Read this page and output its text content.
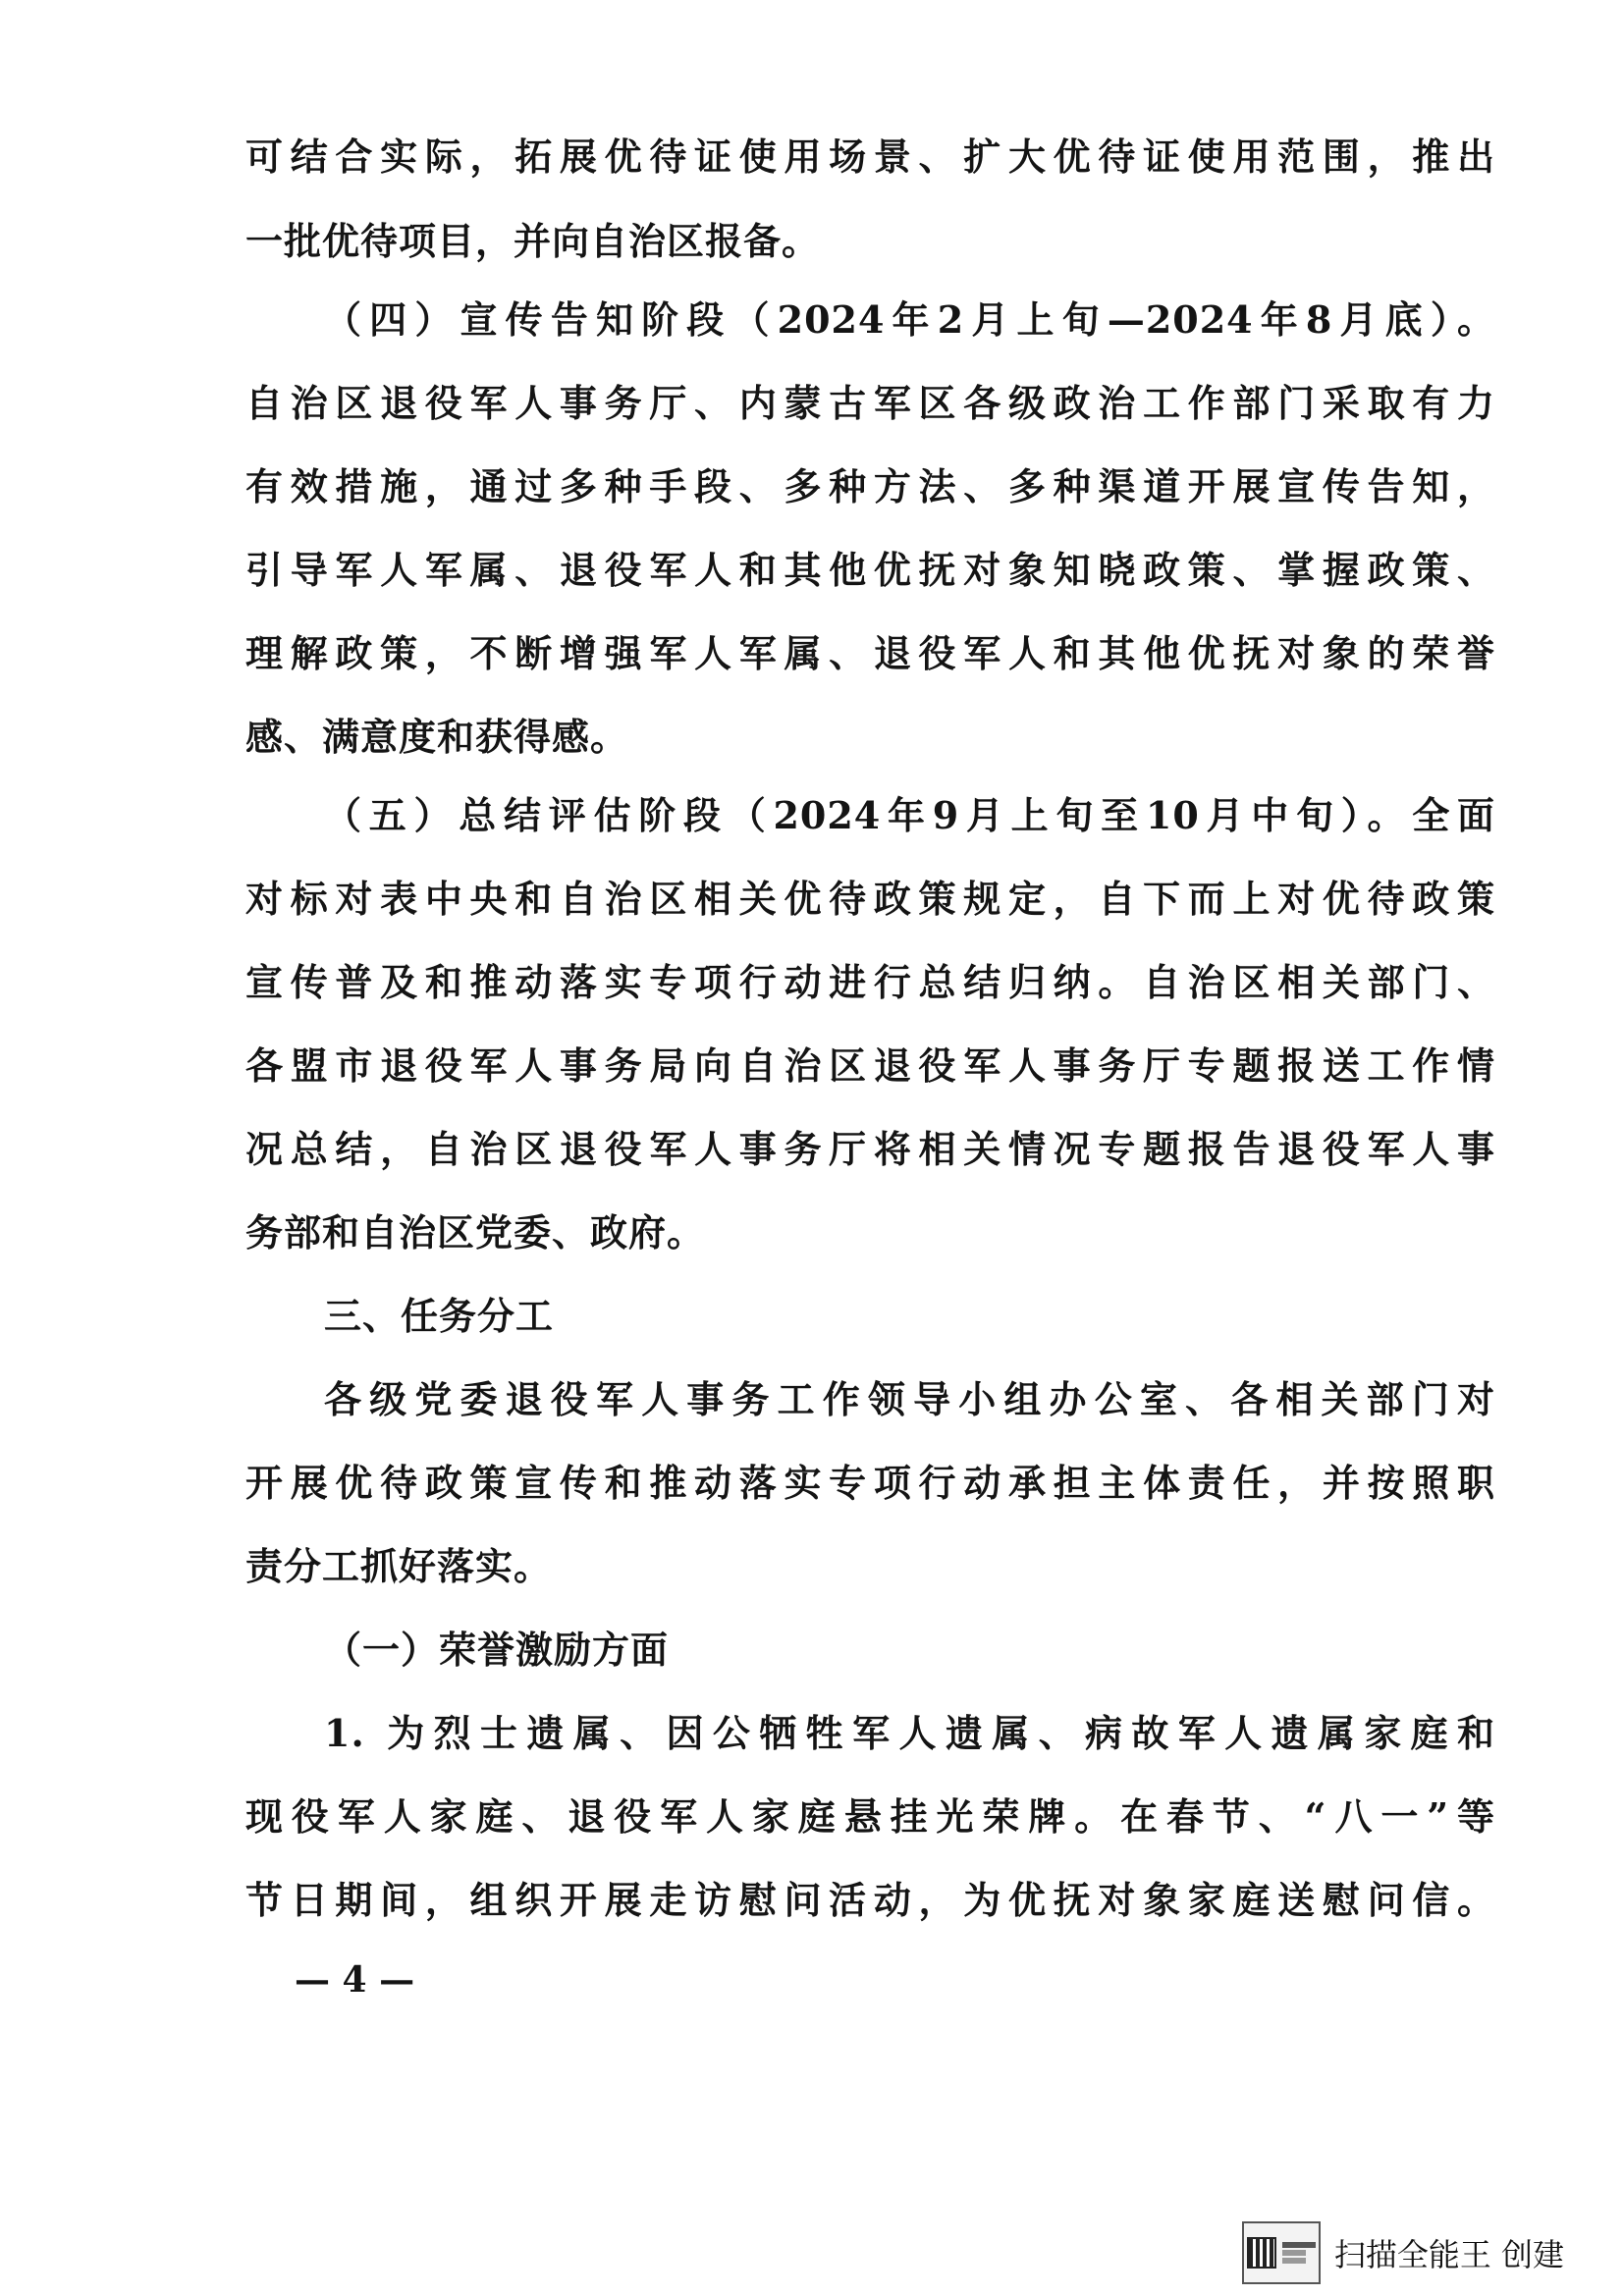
可结合实际，拓展优待证使用场景、扩大优待证使用范围，推出
一批优待项目，并向自治区报备。
（四）宣传告知阶段（2024年2月上旬—2024年8月底）。
自治区退役军人事务厅、内蒙古军区各级政治工作部门采取有力
有效措施，通过多种手段、多种方法、多种渠道开展宣传告知，
引导军人军属、退役军人和其他优抚对象知晓政策、掌握政策、
理解政策，不断增强军人军属、退役军人和其他优抚对象的荣誉
感、满意度和获得感。
（五）总结评估阶段（2024年9月上旬至10月中旬）。全面
对标对表中央和自治区相关优待政策规定，自下而上对优待政策
宣传普及和推动落实专项行动进行总结归纳。自治区相关部门、
各盟市退役军人事务局向自治区退役军人事务厅专题报送工作情
况总结，自治区退役军人事务厅将相关情况专题报告退役军人事
务部和自治区党委、政府。
三、任务分工
各级党委退役军人事务工作领导小组办公室、各相关部门对
开展优待政策宣传和推动落实专项行动承担主体责任，并按照职
责分工抓好落实。
（一）荣誉激励方面
1. 为烈士遗属、因公牺牲军人遗属、病故军人遗属家庭和
现役军人家庭、退役军人家庭悬挂光荣牌。在春节、“八一”等
节日期间，组织开展走访慰问活动，为优抚对象家庭送慰问信。
— 4 —
扫描全能王 创建
